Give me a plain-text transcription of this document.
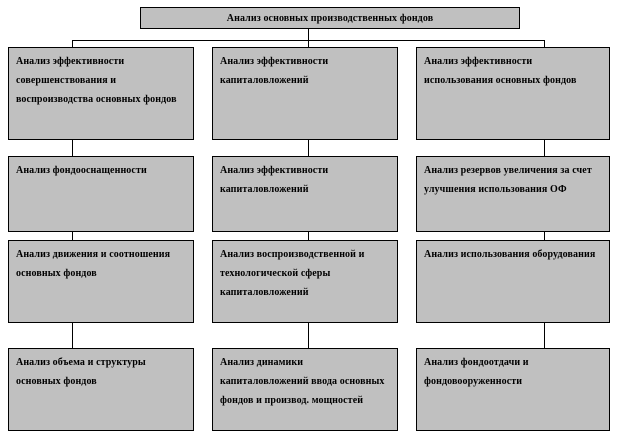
Анализ основных производственных фондов
Анализ эффективности совершенствования и воспроизводства основных фондов
Анализ фондооснащенности
Анализ движения и соотношения основных фондов
Анализ объема и структуры основных фондов
Анализ эффективности капиталовложений
Анализ эффективности капиталовложений
Анализ воспроизводственной и технологической сферы капиталовложений
Анализ динамики капиталовложений ввода основных фондов и производ. мощностей
Анализ эффективности использования основных фондов
Анализ резервов увеличения за счет улучшения использования ОФ
Анализ использования оборудования
Анализ фондоотдачи и фондовооруженности
